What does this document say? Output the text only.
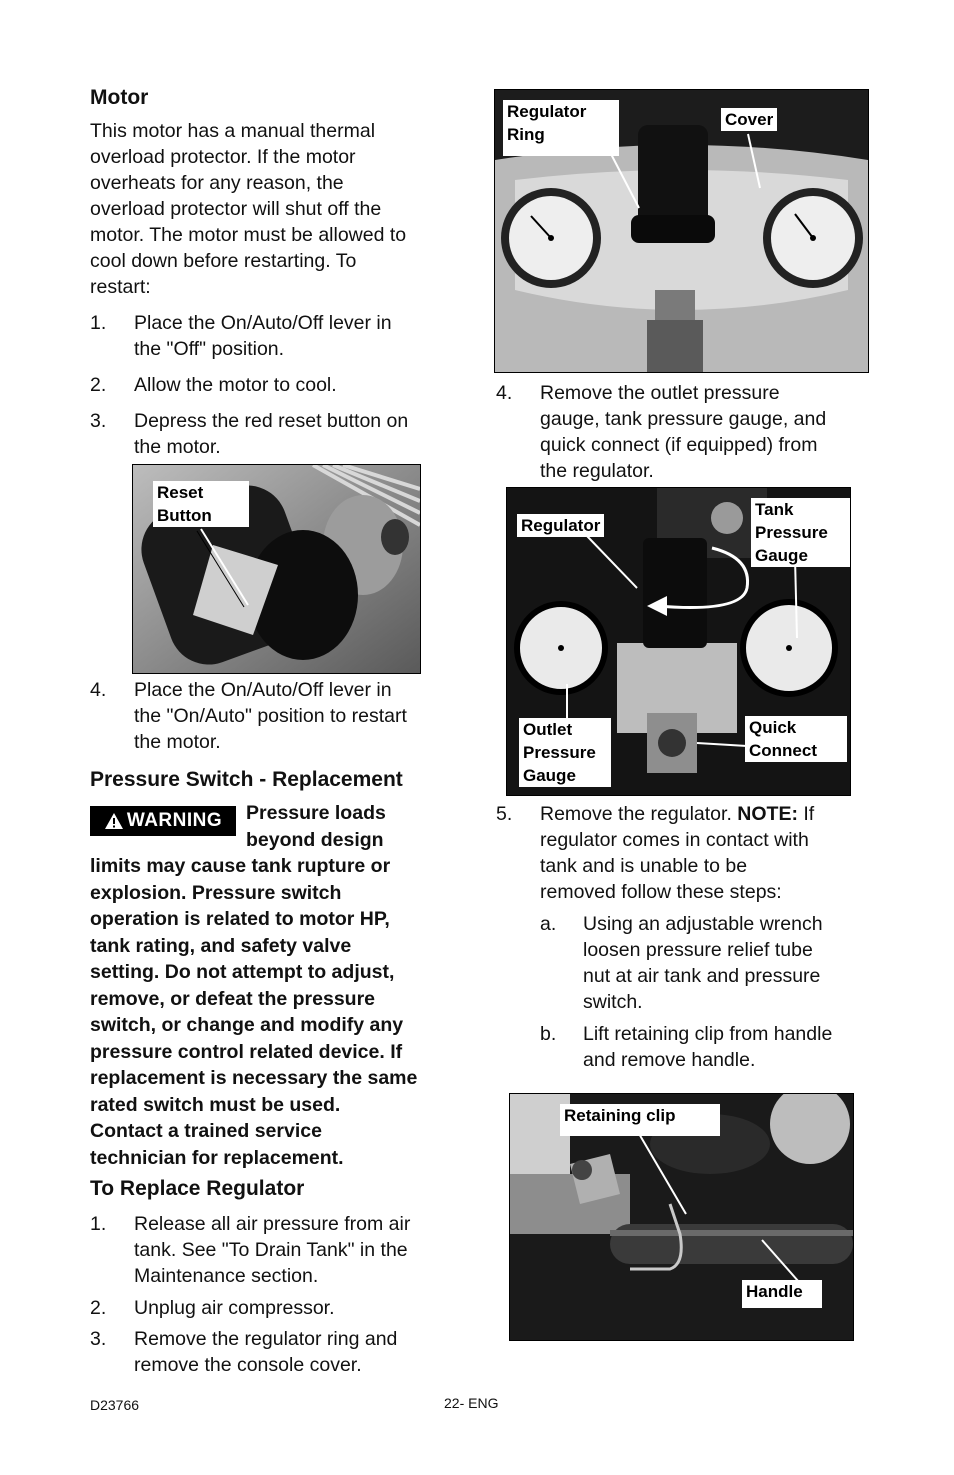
Motor
This motor has a manual thermal
overload protector. If the motor
overheats for any reason, the
overload protector will shut off the
motor. The motor must be allowed to
cool down before restarting. To
restart:
1. Place the On/Auto/Off lever in
the "Off" position.
2. Allow the motor to cool.
3. Depress the red reset button on
the motor.
Reset
Button
4. Place the On/Auto/Off lever in
the "On/Auto" position to restart
the motor.
Pressure Switch - Replacement
WARNING Pressure loads
beyond design
limits may cause tank rupture or
explosion. Pressure switch
operation is related to motor HP,
tank rating, and safety valve
setting. Do not attempt to adjust,
remove, or defeat the pressure
switch, or change and modify any
pressure control related device. If
replacement is necessary the same
rated switch must be used.
Contact a trained service
technician for replacement.
To Replace Regulator
1. Release all air pressure from air
tank. See "To Drain Tank" in the
Maintenance section.
2. Unplug air compressor.
3. Remove the regulator ring and
remove the console cover.
Regulator
Ring
Cover
4. Remove the outlet pressure
gauge, tank pressure gauge, and
quick connect (if equipped) from
the regulator.
Regulator
Tank
Pressure
Gauge
Outlet
Pressure
Gauge
Quick
Connect
5. Remove the regulator. NOTE: If
regulator comes in contact with
tank and is unable to be
removed follow these steps:
a. Using an adjustable wrench
loosen pressure relief tube
nut at air tank and pressure
switch.
b. Lift retaining clip from handle
and remove handle.
Retaining clip
Handle
D23766	22- ENG
